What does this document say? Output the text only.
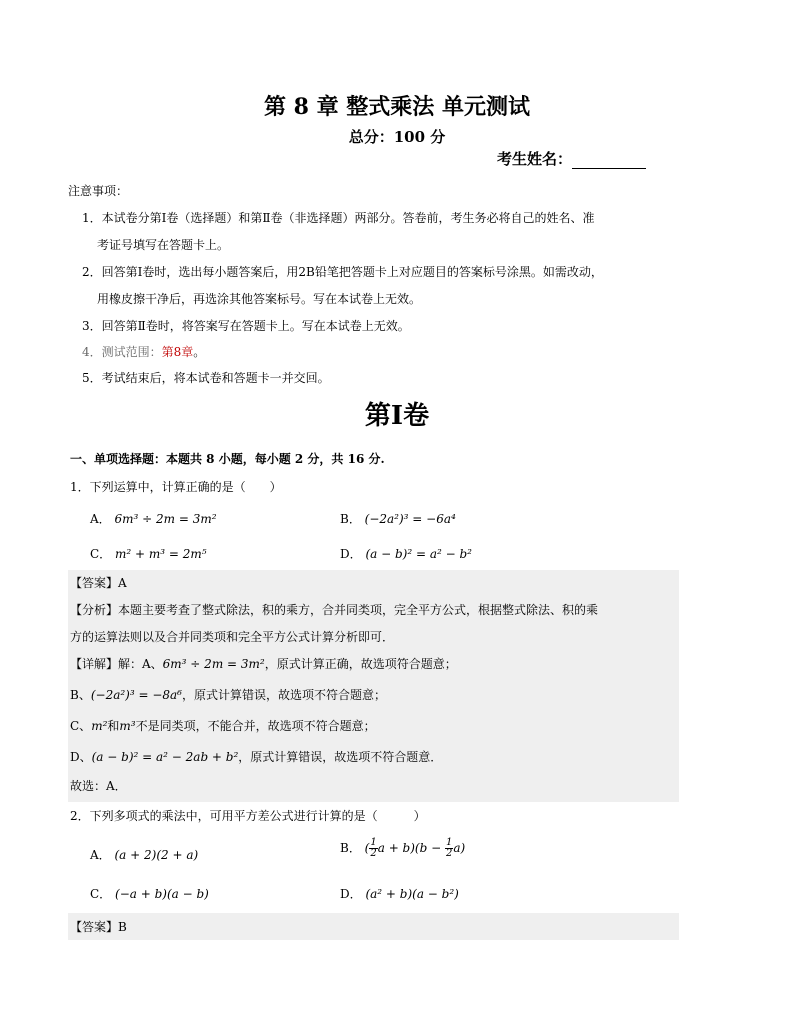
第 8 章 整式乘法 单元测试
总分：100 分
考生姓名：
注意事项：
1．本试卷分第Ⅰ卷（选择题）和第Ⅱ卷（非选择题）两部分。答卷前，考生务必将自己的姓名、准
考证号填写在答题卡上。
2．回答第Ⅰ卷时，选出每小题答案后，用2B铅笔把答题卡上对应题目的答案标号涂黑。如需改动，
用橡皮擦干净后，再选涂其他答案标号。写在本试卷上无效。
3．回答第Ⅱ卷时，将答案写在答题卡上。写在本试卷上无效。
4．测试范围：第8章。
5．考试结束后，将本试卷和答题卡一并交回。
第Ⅰ卷
一、单项选择题：本题共 8 小题，每小题 2 分，共 16 分.
1．下列运算中，计算正确的是（　　）
A． 6m³ ÷ 2m = 3m²	B． (−2a²)³ = −6a⁴
C． m² + m³ = 2m⁵	D． (a − b)² = a² − b²
【答案】A
【分析】本题主要考查了整式除法，积的乘方，合并同类项，完全平方公式，根据整式除法、积的乘
方的运算法则以及合并同类项和完全平方公式计算分析即可．
【详解】解：A、6m³ ÷ 2m = 3m²，原式计算正确，故选项符合题意；
B、(−2a²)³ = −8a⁶，原式计算错误，故选项不符合题意；
C、m²和m³不是同类项，不能合并，故选项不符合题意；
D、(a − b)² = a² − 2ab + b²，原式计算错误，故选项不符合题意．
故选：A．
2．下列多项式的乘法中，可用平方差公式进行计算的是（　　　）
A． (a + 2)(2 + a)	B． ( $\frac{1}{2}$ $a + b)(b - \frac{1}{2} a)$
C． (−a + b)(a − b)	D． (a² + b)(a − b²)
【答案】B
